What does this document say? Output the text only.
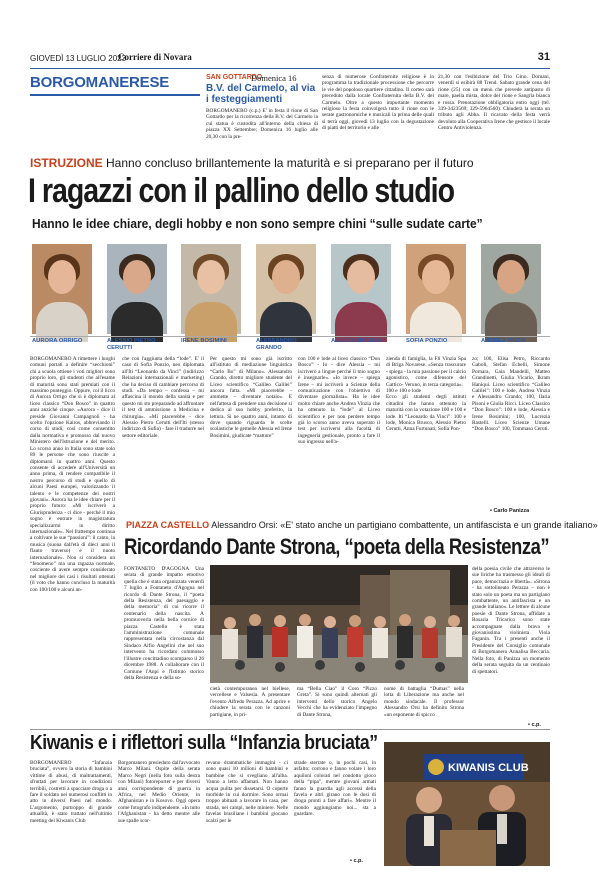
GIOVEDÌ 13 LUGLIO 2023
Corriere di Novara	31
BORGOMANERESE	SAN GOTTARDO
Domenica 16
B.V. del Carmelo, al via i festeggiamenti
BORGOMANERO (c.p.) E' in festa il rione di San Gottardo per la ricorrenza della B.V. del Carmelo la cui statua è custodita all'interno della chiesa di piazza XX Settembre; Domenica 16 luglio alle 20,30 con la pre-
senza di numerose Confraternite religiose è in programma la tradizionale processione che percorre le vie del popoloso quartiere cittadino. Il corteo sarà preceduto dalla locale Confraternita della B.V. del Carmelo. Oltre a questo importante momento religioso la festa coinvolgerà tutto il rione con le serate gastronomiche e musicali la prima delle quali si terrà oggi, giovedì 13 luglio con la degustazione di piatti del territorio e alle
21,30 con l'esibizione del Trio Gino. Domani, venerdì si esibirà 88 Trend. Sabato grande cena del rione (25) con un menù che prevede antipasto di mare, paella mista, dolce del rione e Sangria bianca e rossa. Prenotazione obbligatoria entro oggi (tel. 339-3423569; 329-5964560). Chiuderà la serata un tributo agli Abba. Il ricavato della festa verrà devoluto alla Cooperativa Irene che gestisce il locale Centro Antiviolenza.
ISTRUZIONE Hanno concluso brillantemente la maturità e si preparano per il futuro
I ragazzi con il pallino dello studio
Hanno le idee chiare, degli hobby e non sono sempre chini “sulle sudate carte”
AURORA ORRIGO	ALESSIO PIETRO CERUTTI
IRENE BOSIMINI	ALESSANDRO GRANDO
ALESSIA BOSIMINI	SOFIA PONZIO	ANDREA VINZIA
BORGOMANERO A rimettere i luoghi comuni portati a definire “secchioni” chi a scuola ottiene i voti migliori sono proprio loro, gli studenti che all'esame di maturità sono stati premiati con il massimo punteggio. Oppure, col il licco di Aurora Orrigo che si è diplomata al liceo classico “Don Bosco” in quattro anni anziché cinque. «Aurora - dice il preside Giovanni Campagnoli - ha scelto l'opzione Kairos, abbreviando il corso di studi, così come consentito dalla normativa e promosso dal nuovo Ministero dell'Istruzione e del merito. Lo scorso anno in Italia sono state solo 89 le persone che sono riuscite a diplomarsi in quattro anni. Questo consente di accedere all'Università un anno prima, di rendere compatibile il nostro percorso di studi e quello di alcuni Paesi europei, valorizzando il talento e le competenze dei nostri giovani». Aurora ha le idee chiare per il proprio futuro: «Mi iscriverò a Giurisprudenza - ci dice - perché il mio sogno è entrare in magistratura specializzarmi in diritto internazionale». Nel frattempo continua a coltivare le sue “passioni”: il canto, la musica (suona dall'età di dieci anni il flauto traverso) e il nuoto internazionale». Non si considera un “fenomeno” ma una ragazza normale, cosciente di avere sempre considerato nel migliore dei casi i risultati ottenuti (il voto che hanno concluso la maturità con 100/100 e alcuni an-
che con l'aggiunta della “lode”. E' il caso di Sofia Ponzio, neo diplomata all'Iti “Leonardo da Vinci” (indirizzo Relazioni internazionali e marketing) che ha deciso di cambiare percorso di studi. «Da tempo – confessa – mi affascina il mondo della sanità e per questo mi sto preparando ad affrontare il test di ammissione a Medicina e chirurgia». «Mi piacerebbe - dice Alessio Pietro Cerutti dell'Iti (stesso indirizzo di Sofia) - fare il tradurre nel settore editoriale.
Per questo mi sono già iscritto all'istituto di mediazione linguistica “Carlo Bo” di Milano». Alessandro Grando, diretto migliore studente del Liceo scientifico “Galileo Galilei” ancora fatta. «Mi piacerebbe - ammette – diventare notaio». E nell'attesa di prendere una decisione si dedica al suo hobby preferito, la lettura. Si ne quattro anni, intanto di dove quando riguarda le scelte scolastiche le gemelle Alessia ed Irene Bosimini, giudicate “matture”
con 100 e lode al liceo classico “Don Bosco” - Io - dice Alessia – mi iscriverò a lingue perché il mio sogno è insegnarle». «Io invece – spiega Irene – mi iscriverò a Scienze della comunicazione con l'obiettivo di diventare giornalista». Ha le idee molto chiare anche Andrea Vinzia che ha ottenuto la “lode” al Liceo scientifico e per non perdere tempo già lo scorso anno aveva superato il test per iscriversi alla facoltà di ingegneria gestionale, pronto a fare il suo ingresso nell'a-
zienda di famiglia, la Fli Vinzia Spa di Briga Novarese. «Senza trascurare - spiega - la mia passione per il calcio agonistico, come difensore del Gattico- Veruno, in terza categoria».
100 e 100 e lode
Ecco gli studenti degli istituti cittadini che hanno ottenuto la maturità con la votazione 100 e 100 e lode. Iti “Leonardo da Vinci”: 100 e lode, Monica Brusco, Alessio Pietro Cerutti, Anna Fortunati, Sofia Pon-
zo; 100, Elisa Petro, Riccardo Gaboli, Stefan Echelli, Simone Pornara, Gaia Mandelli, Matteo Grandinetti, Giulia Vicario, Ikram Haniqui. Liceo scientifico “Galileo Galilei”: 100 e lode, Andrea Vinzia e Alessandro Grando; 100, Ilaria Pisoni e Giulia Ricci. Liceo Classico “Don Bosco”: 100 e lode, Alessia e Irene Bosimini; 100, Lucrezia Rastelli. Liceo Scienze Umane “Don Bosco” 100, Tommaso Ceruti.
• Carlo Panizza
PIAZZA CASTELLO Alessandro Orsi: «E' stato anche un partigiano combattente, un antifascista e un grande italiano»
Ricordando Dante Strona, “poeta della Resistenza”
FONTANETO D'AGOGNA Una serata di grande impatto emotivo quella che è stata organizzata venerdì 7 luglio a Fontaneto d'Agogna nel ricordo di Dante Strona, il “poeta della Resistenza, del paesaggio e della memoria” di cui ricorre il centenario della nascita. A promuoverla nella bella cornice di piazza Castello è stata l'amministrazione comunale rappresentata nella circostanza dal Sindaco Alfio Angelini che nel suo intervento ha ricordato commosso l'illustre concittadino scomparso il 26 dicembre 1988. A collaborare con il Comune l'Anpi e l'Istituto storico della Resistenza e della so-
cietà contemporanea nel biellese, vercellese e Valsesia. A presentare l'evento Alfredo Perazza. Ad aprire e chiudere la serata con le canzoni partigiane, in pri-
ma “Bella Ciao” il Coro “Pizzo Greta”. Si sono quindi alternati gli interventi dello storico Angelo Vecchi che ha evidenziato l'impegno di Dante Strona,
nome di battaglia “Dumas” nella lotta di Liberazione ma anche nel mondo sindacale. Il professor Alessandro Orsi ha definito Strona «un esponente di spicco
della poesia civile che attraverso le sue liriche ha trasmesso gli ideali di pace, democrazia e libertà». «Strona - ha sottolineato Perazza – non è stato solo un poeta ma un partigiano combattente, un antifascista e un grande italiano». Le letture di alcune poesie di Dante Strona, affidate a Rosaria Tricarico sono state accompagnate dalla brava e giovanissima violinista Viola Faganin. Tra i presenti anche il Presidente del Consiglio comunale di Borgomanero Annalisa Beccaria. Nella foto, di Panizza un momento della serata seguita da un centinaio di spettatori.
• c.p.
Kiwanis e i riflettori sulla “Infanzia bruciata”
BORGOMANERO “Infanzia bruciata”, ovvero la storia di bambini vittime di abusi, di maltrattamenti, sfruttati per lavorare in condizioni terribili, costretti a spacciare droga o a fare il soldato nei numerosi conflitti in atto in diversi Paesi nel mondo. L'argomento, purtroppo di grande attualità, è stato trattato nell'ultimo meeting del Kiwanis Club
Borgomanero presieduto dall'avvocato Marco Milani. Ospite della serata Marco Negri (nella foto sulla destra con Milani) fotoreporter e per diversi anni corrispondente di guerra in Africa, nel Medio Oriente, in Afghanistan e in Kosovo. Oggi opera come fotografo indipendente. «In tutto l'Afghanistan - ha detto mentre alle sue spalle scor-
revano drammatiche immagini - ci sono quasi 10 milioni di bambini e bambine che si svegliano all'alba. Vanno a letto affamati. Non hanno acqua pulita per dissetarsi. O coperte morbide in cui dormire. Sono ormai troppo abituati a lavorare in casa, per strada, nei campi, nelle miniere. Nelle favelas brasiliane i bambini giocano scalzi per le
strade sterrate o, in pochi casi, in asfalto; corrono e fanno volare i loro aquiloni colorati nel condotto gioco della “pipa”, mentre giovani armati fanno la guardia agli accessi della favela e altri girano con le dosi di droga pronti a fare affari». Mentre il mondo aggiungiamo noi... sta a guardare.
• c.p.
KIWANIS CLUB
